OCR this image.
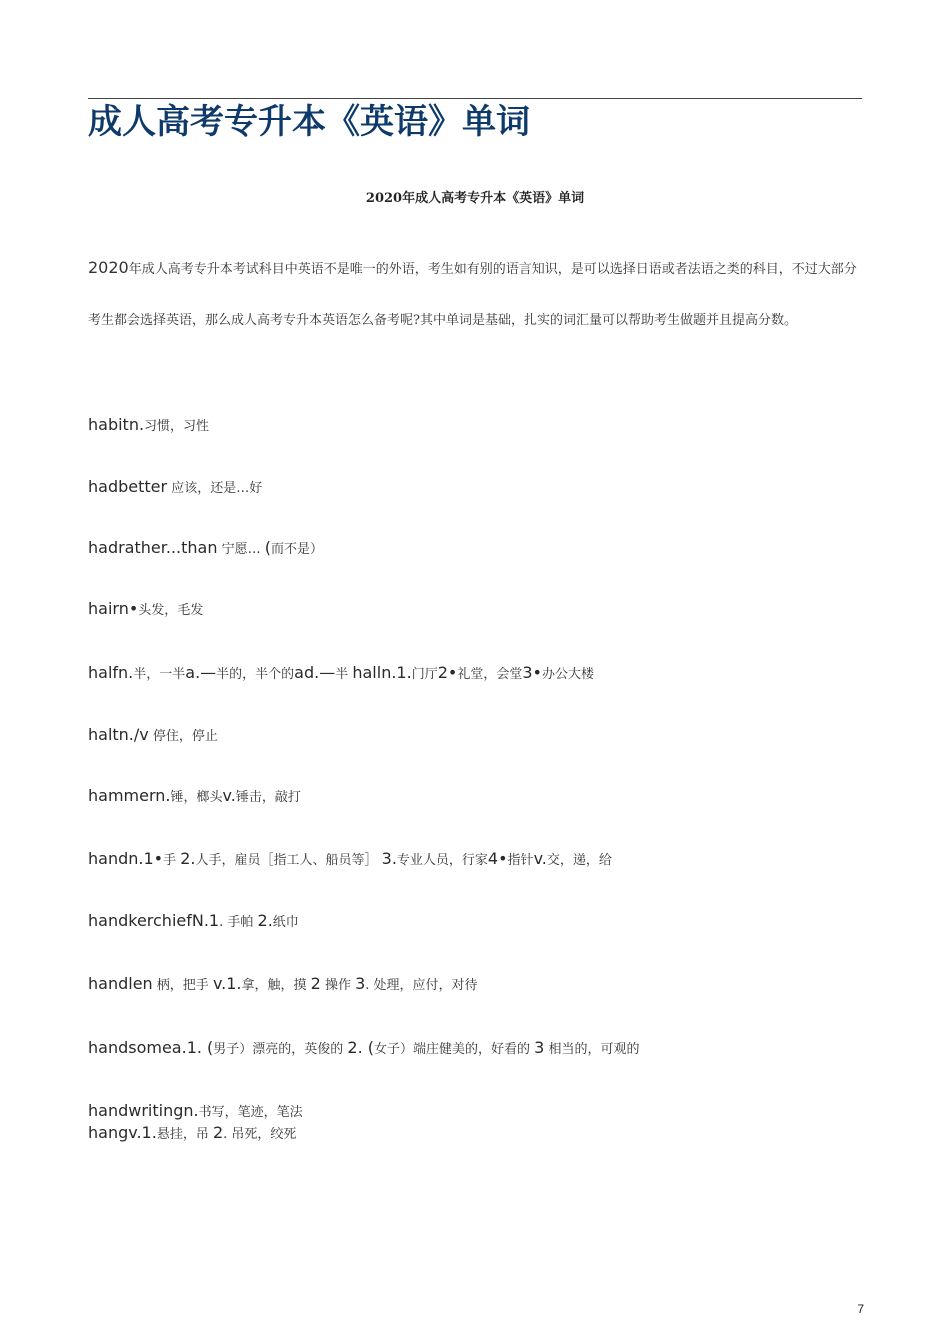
成人高考专升本《英语》单词
2020年成人高考专升本《英语》单词

2020年成人高考专升本考试科目中英语不是唯一的外语，考生如有别的语言知识，是可以选择日语或者法语之类的科目，不过大部分考生都会选择英语，那么成人高考专升本英语怎么备考呢?其中单词是基础，扎实的词汇量可以帮助考生做题并且提高分数。

habitn.习惯，习性

hadbetter 应该，还是…好

hadrather...than 宁愿… (而不是）

hairn•头发，毛发

halfn.半，一半a.—半的，半个的ad.—半 halln.1.门厅2•礼堂，会堂3•办公大楼

haltn./v 停住，停止

hammern.锤，榔头v.锤击，敲打

handn.1•手 2.人手，雇员［指工人、船员等］ 3.专业人员，行家4•指针v.交，递，给

handkerchiefN.1. 手帕 2.纸巾

handlen 柄，把手 v.1.拿，触，摸 2 操作 3. 处理，应付，对待

handsomea.1. (男子）漂亮的，英俊的 2. (女子）端庄健美的，好看的 3 相当的，可观的

handwritingn.书写，笔迹，笔法

hangv.1.悬挂，吊 2. 吊死，绞死

7
